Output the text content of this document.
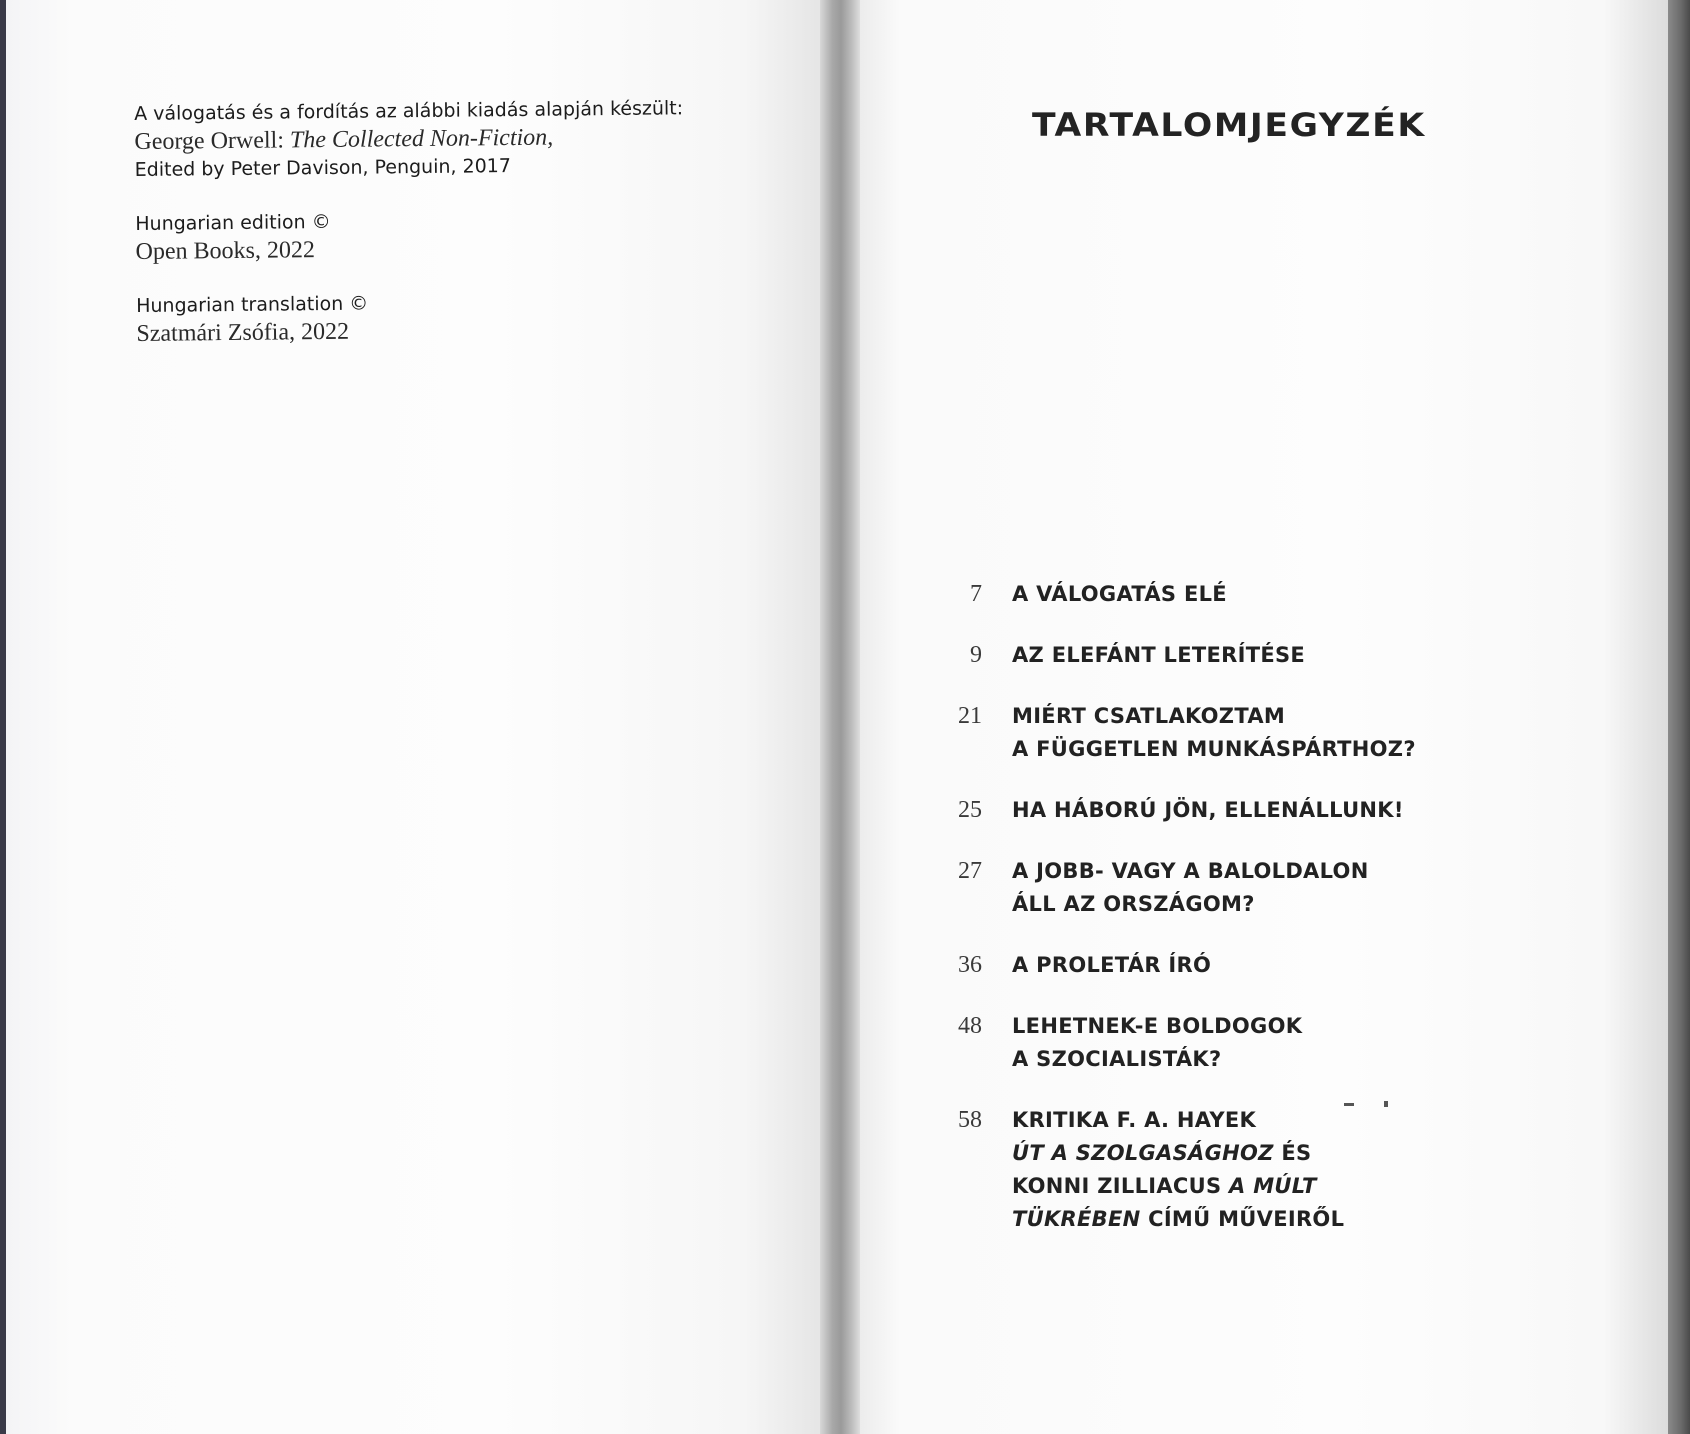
A válogatás és a fordítás az alábbi kiadás alapján készült:
George Orwell: The Collected Non-Fiction,
Edited by Peter Davison, Penguin, 2017
Hungarian edition ©
Open Books, 2022
Hungarian translation ©
Szatmári Zsófia, 2022
TARTALOMJEGYZÉK
7 A VÁLOGATÁS ELÉ
9 AZ ELEFÁNT LETERÍTÉSE
21 MIÉRT CSATLAKOZTAM
A FÜGGETLEN MUNKÁSPÁRTHOZ?
25 HA HÁBORÚ JÖN, ELLENÁLLUNK!
27 A JOBB- VAGY A BALOLDALON
ÁLL AZ ORSZÁGOM?
36 A PROLETÁR ÍRÓ
48 LEHETNEK-E BOLDOGOK
A SZOCIALISTÁK?
58 KRITIKA F. A. HAYEK
ÚT A SZOLGASÁGHOZ ÉS
KONNI ZILLIACUS A MÚLT
TÜKRÉBEN CÍMŰ MŰVEIRŐL
